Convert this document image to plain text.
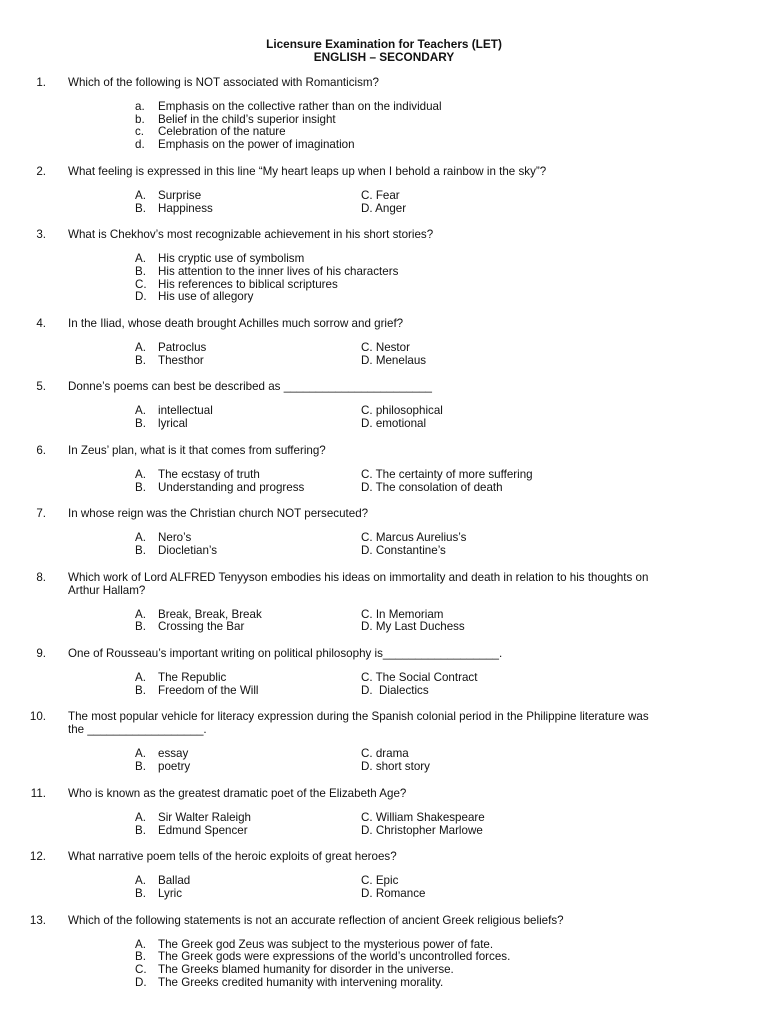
Licensure Examination for Teachers (LET)
ENGLISH – SECONDARY
1.	Which of the following is NOT associated with Romanticism?
a.	Emphasis on the collective rather than on the individual
b.	Belief in the child’s superior insight
c.	Celebration of the nature
d.	Emphasis on the power of imagination
2.	What feeling is expressed in this line “My heart leaps up when I behold a rainbow in the sky”?
A.	Surprise	C. Fear
B.	Happiness	D. Anger
3.	What is Chekhov’s most recognizable achievement in his short stories?
A.	His cryptic use of symbolism
B.	His attention to the inner lives of his characters
C. His references to biblical scriptures
D. His use of allegory
4.	In the Iliad, whose death brought Achilles much sorrow and grief?
A.	Patroclus	C. Nestor
B.	Thesthor	D. Menelaus
5.	Donne’s poems can best be described as _______________________
A.	intellectual	C. philosophical
B.	lyrical	D. emotional
6.	In Zeus’ plan, what is it that comes from suffering?
A.	The ecstasy of truth	C. The certainty of more suffering
B.	Understanding and progress	D. The consolation of death
7.	In whose reign was the Christian church NOT persecuted?
A.	Nero’s	C. Marcus Aurelius’s
B.	Diocletian’s	D. Constantine’s
8.	Which work of Lord ALFRED Tenyyson embodies his ideas on immortality and death in relation to his thoughts on
Arthur Hallam?
A.	Break, Break, Break	C. In Memoriam
B.	Crossing the Bar	D. My Last Duchess
9.	One of Rousseau’s important writing on political philosophy is__________________.
A.	The Republic	C. The Social Contract
B.	Freedom of the Will	D.  Dialectics
10.	The most popular vehicle for literacy expression during the Spanish colonial period in the Philippine literature was
the __________________.
A.	essay	C. drama
B.	poetry	D. short story
11.	Who is known as the greatest dramatic poet of the Elizabeth Age?
A.	Sir Walter Raleigh	C. William Shakespeare
B.	Edmund Spencer	D. Christopher Marlowe
12.	What narrative poem tells of the heroic exploits of great heroes?
A.	Ballad	C. Epic
B.	Lyric	D. Romance
13.	Which of the following statements is not an accurate reflection of ancient Greek religious beliefs?
A.	The Greek god Zeus was subject to the mysterious power of fate.
B.	The Greek gods were expressions of the world’s uncontrolled forces.
C. The Greeks blamed humanity for disorder in the universe.
D. The Greeks credited humanity with intervening morality.
